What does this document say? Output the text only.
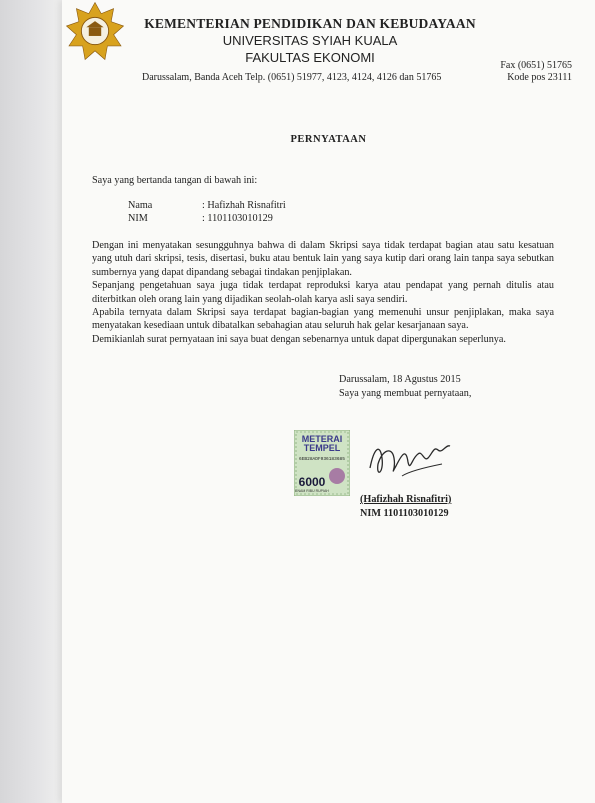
KEMENTERIAN PENDIDIKAN DAN KEBUDAYAAN
UNIVERSITAS SYIAH KUALA
FAKULTAS EKONOMI
Darussalam, Banda Aceh Telp. (0651) 51977, 4123, 4124, 4126 dan 51765
Fax (0651) 51765
Kode pos 23111
PERNYATAAN
Saya yang bertanda tangan di bawah ini:
Nama	: Hafizhah Risnafitri
NIM	: 1101103010129
Dengan ini menyatakan sesungguhnya bahwa di dalam Skripsi saya tidak terdapat bagian atau satu kesatuan yang utuh dari skripsi, tesis, disertasi, buku atau bentuk lain yang saya kutip dari orang lain tanpa saya sebutkan sumbernya yang dapat dipandang sebagai tindakan penjiplakan.
Sepanjang pengetahuan saya juga tidak terdapat reproduksi karya atau pendapat yang pernah ditulis atau diterbitkan oleh orang lain yang dijadikan seolah-olah karya asli saya sendiri.
Apabila ternyata dalam Skripsi saya terdapat bagian-bagian yang memenuhi unsur penjiplakan, maka saya menyatakan kesediaan untuk dibatalkan sebahagian atau seluruh hak gelar kesarjanaan saya.
Demikianlah surat pernyataan ini saya buat dengan sebenarnya untuk dapat dipergunakan seperlunya.
Darussalam, 18 Agustus 2015
Saya yang membuat pernyataan,
METERAI
TEMPEL
6EB28ADF036183685
6000
ENAM RIBU RUPIAH
(Hafizhah Risnafitri)
NIM 1101103010129
